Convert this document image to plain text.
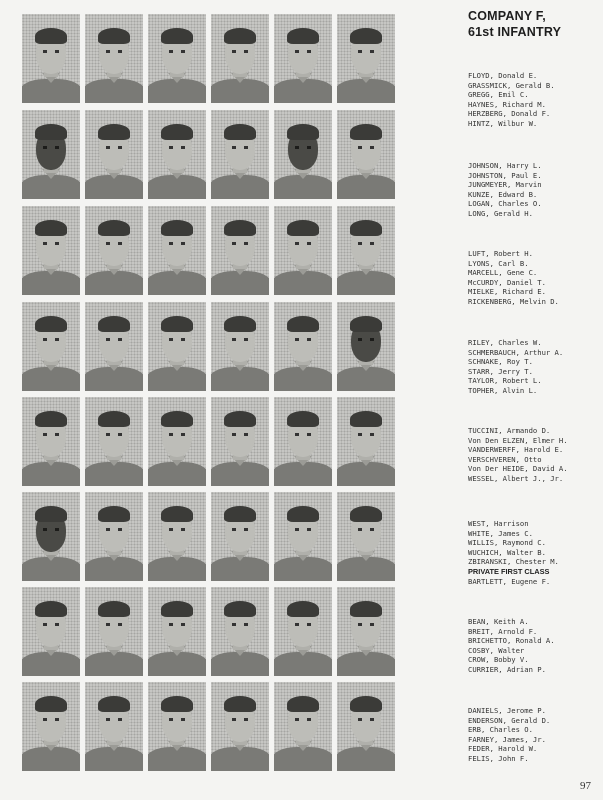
COMPANY F,
61st INFANTRY
FLOYD, Donald E.
GRASSMICK, Gerald B.
GREGG, Emil C.
HAYNES, Richard M.
HERZBERG, Donald F.
HINTZ, Wilbur W.
JOHNSON, Harry L.
JOHNSTON, Paul E.
JUNGMEYER, Marvin
KUNZE, Edward B.
LOGAN, Charles O.
LONG, Gerald H.
LUFT, Robert H.
LYONS, Carl B.
MARCELL, Gene C.
McCURDY, Daniel T.
MIELKE, Richard E.
RICKENBERG, Melvin D.
RILEY, Charles W.
SCHMERBAUCH, Arthur A.
SCHNAKE, Roy T.
STARR, Jerry T.
TAYLOR, Robert L.
TOPHER, Alvin L.
TUCCINI, Armando D.
Von Den ELZEN, Elmer H.
VANDERWERFF, Harold E.
VERSCHVEREN, Otto
Von Der HEIDE, David A.
WESSEL, Albert J., Jr.
WEST, Harrison
WHITE, James C.
WILLIS, Raymond C.
WUCHICH, Walter B.
ZBIRANSKI, Chester M.
PRIVATE FIRST CLASS
BARTLETT, Eugene F.
BEAN, Keith A.
BREIT, Arnold F.
BRICHETTO, Ronald A.
COSBY, Walter
CROW, Bobby V.
CURRIER, Adrian P.
DANIELS, Jerome P.
ENDERSON, Gerald D.
ERB, Charles O.
FARNEY, James, Jr.
FEDER, Harold W.
FELIS, John F.
97
